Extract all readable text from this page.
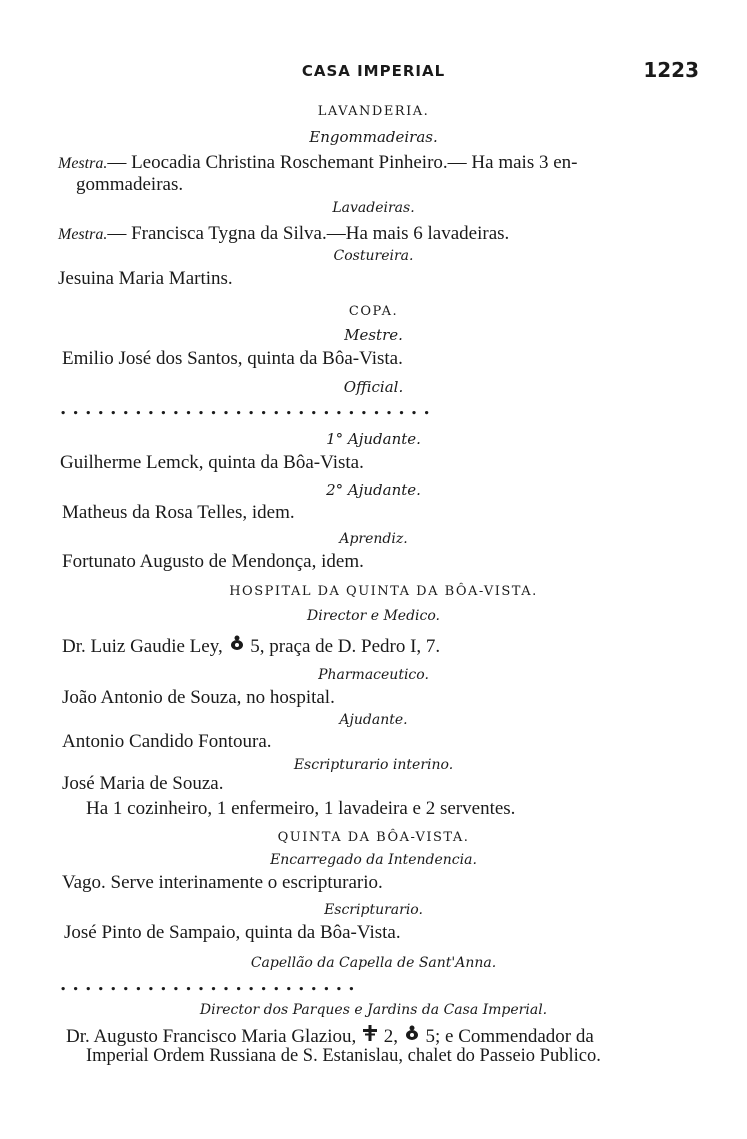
CASA IMPERIAL	1223
LAVANDERIA.
Engommadeiras.
Mestra.— Leocadia Christina Roschemant Pinheiro.— Ha mais 3 en-
gommadeiras.
Lavadeiras.
Mestra.— Francisca Tygna da Silva.—Ha mais 6 lavadeiras.
Costureira.
Jesuina Maria Martins.
COPA.
Mestre.
Emilio José dos Santos, quinta da Bôa-Vista.
Official.
. . . . . . . . . . . . . . . . . . . . . . . . . . . . . .
1° Ajudante.
Guilherme Lemck, quinta da Bôa-Vista.
2° Ajudante.
Matheus da Rosa Telles, idem.
Aprendiz.
Fortunato Augusto de Mendonça, idem.
HOSPITAL DA QUINTA DA BÔA-VISTA.
Director e Medico.
Dr. Luiz Gaudie Ley, 5, praça de D. Pedro I, 7.
Pharmaceutico.
João Antonio de Souza, no hospital.
Ajudante.
Antonio Candido Fontoura.
Escripturario interino.
José Maria de Souza.
Ha 1 cozinheiro, 1 enfermeiro, 1 lavadeira e 2 serventes.
QUINTA DA BÔA-VISTA.
Encarregado da Intendencia.
Vago. Serve interinamente o escripturario.
Escripturario.
José Pinto de Sampaio, quinta da Bôa-Vista.
Capellão da Capella de Sant'Anna.
. . . . . . . . . . . . . . . . . . . . . . . .
Director dos Parques e Jardins da Casa Imperial.
Dr. Augusto Francisco Maria Glaziou, 2, 5; e Commendador da
Imperial Ordem Russiana de S. Estanislau, chalet do Passeio Publico.
